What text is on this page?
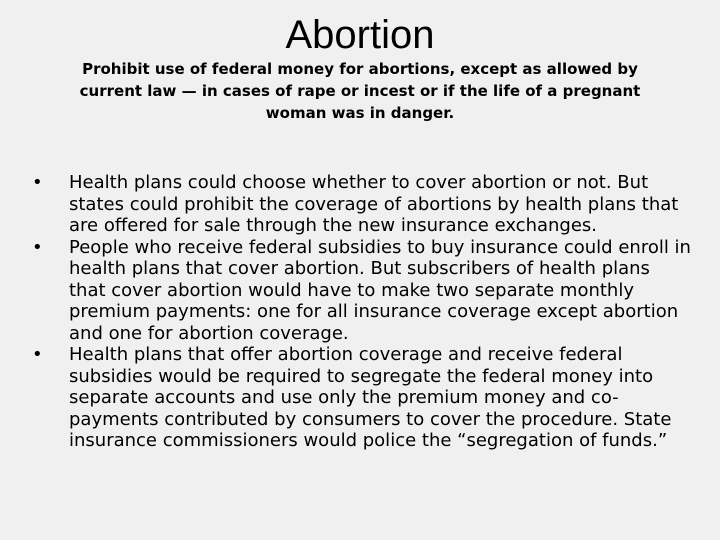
Abortion

Prohibit use of federal money for abortions, except as allowed by current law — in cases of rape or incest or if the life of a pregnant woman was in danger.

• Health plans could choose whether to cover abortion or not. But states could prohibit the coverage of abortions by health plans that are offered for sale through the new insurance exchanges.
• People who receive federal subsidies to buy insurance could enroll in health plans that cover abortion. But subscribers of health plans that cover abortion would have to make two separate monthly premium payments: one for all insurance coverage except abortion and one for abortion coverage.
• Health plans that offer abortion coverage and receive federal subsidies would be required to segregate the federal money into separate accounts and use only the premium money and co-payments contributed by consumers to cover the procedure. State insurance commissioners would police the “segregation of funds.”
